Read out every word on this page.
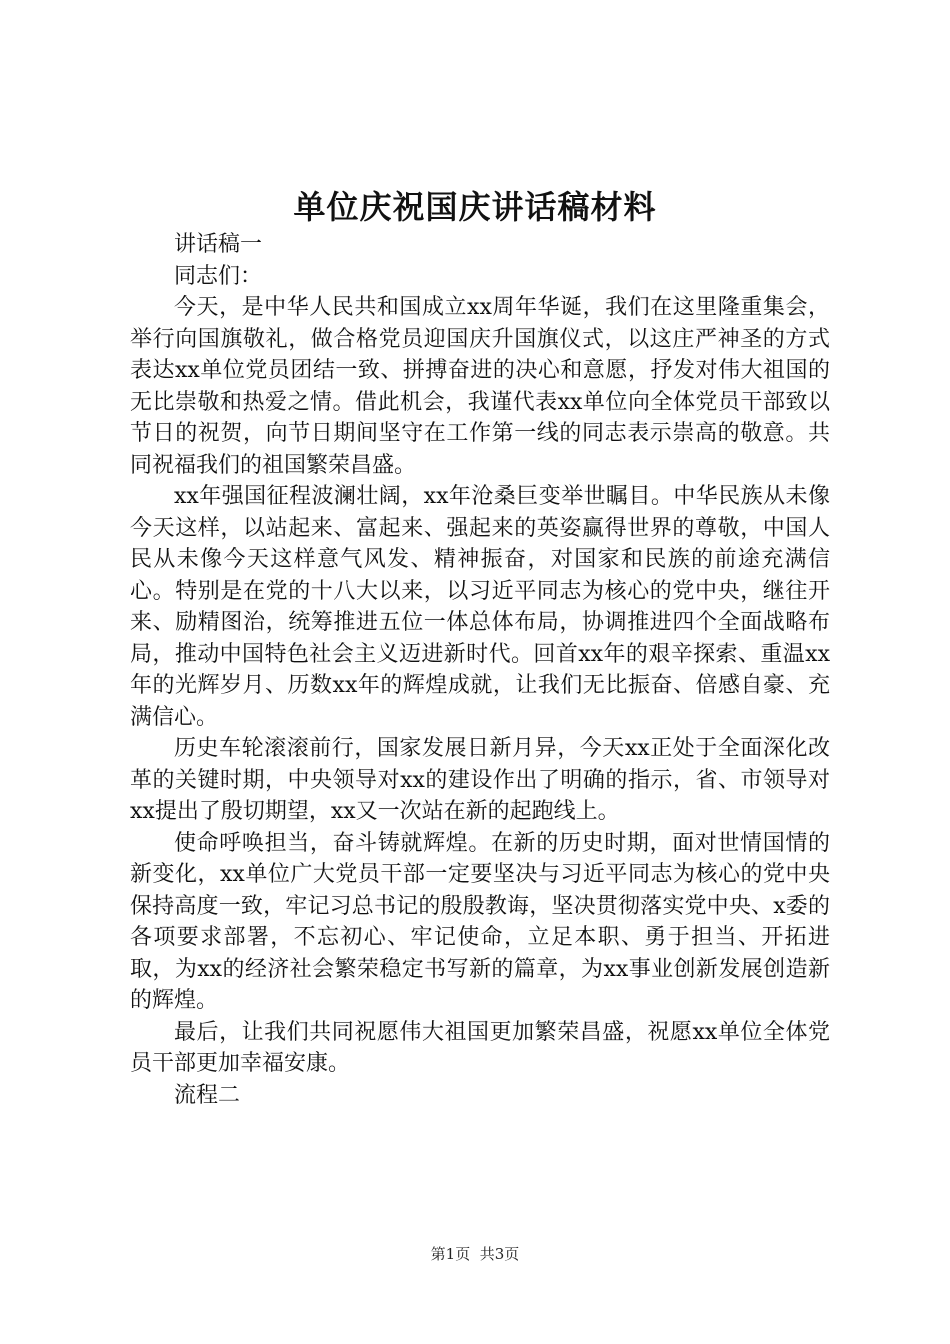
单位庆祝国庆讲话稿材料

讲话稿一

同志们：

今天，是中华人民共和国成立xx周年华诞，我们在这里隆重集会，举行向国旗敬礼，做合格党员迎国庆升国旗仪式，以这庄严神圣的方式表达xx单位党员团结一致、拼搏奋进的决心和意愿，抒发对伟大祖国的无比崇敬和热爱之情。借此机会，我谨代表xx单位向全体党员干部致以节日的祝贺，向节日期间坚守在工作第一线的同志表示崇高的敬意。共同祝福我们的祖国繁荣昌盛。

xx年强国征程波澜壮阔，xx年沧桑巨变举世瞩目。中华民族从未像今天这样，以站起来、富起来、强起来的英姿赢得世界的尊敬，中国人民从未像今天这样意气风发、精神振奋，对国家和民族的前途充满信心。特别是在党的十八大以来，以习近平同志为核心的党中央，继往开来、励精图治，统筹推进五位一体总体布局，协调推进四个全面战略布局，推动中国特色社会主义迈进新时代。回首xx年的艰辛探索、重温xx年的光辉岁月、历数xx年的辉煌成就，让我们无比振奋、倍感自豪、充满信心。

历史车轮滚滚前行，国家发展日新月异，今天xx正处于全面深化改革的关键时期，中央领导对xx的建设作出了明确的指示，省、市领导对xx提出了殷切期望，xx又一次站在新的起跑线上。

使命呼唤担当，奋斗铸就辉煌。在新的历史时期，面对世情国情的新变化，xx单位广大党员干部一定要坚决与习近平同志为核心的党中央保持高度一致，牢记习总书记的殷殷教诲，坚决贯彻落实党中央、x委的各项要求部署，不忘初心、牢记使命，立足本职、勇于担当、开拓进取，为xx的经济社会繁荣稳定书写新的篇章，为xx事业创新发展创造新的辉煌。

最后，让我们共同祝愿伟大祖国更加繁荣昌盛，祝愿xx单位全体党员干部更加幸福安康。

流程二

第1页 共3页
